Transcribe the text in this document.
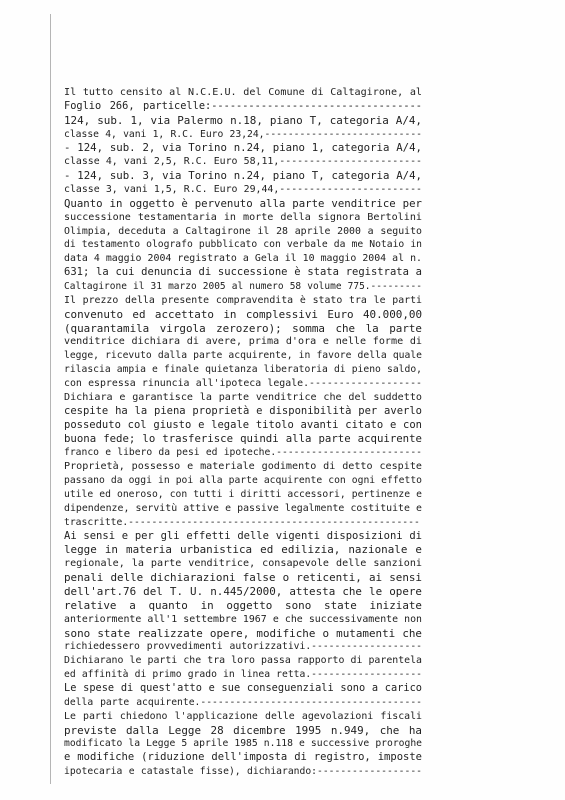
Il tutto censito al N.C.E.U. del Comune di Caltagirone, al
Foglio 266, particelle:----------------------------------
124, sub. 1, via Palermo n.18, piano T, categoria A/4,
classe 4, vani 1, R.C. Euro 23,24,---------------------------
- 124, sub. 2, via Torino n.24, piano 1, categoria A/4,
classe 4, vani 2,5, R.C. Euro 58,11,------------------------
- 124, sub. 3, via Torino n.24, piano T, categoria A/4,
classe 3, vani 1,5, R.C. Euro 29,44,------------------------
Quanto in oggetto è pervenuto alla parte venditrice per
successione testamentaria in morte della signora Bertolini
Olimpia, deceduta a Caltagirone il 28 aprile 2000 a seguito
di testamento olografo pubblicato con verbale da me Notaio in
data 4 maggio 2004 registrato a Gela il 10 maggio 2004 al n.
631; la cui denuncia di successione è stata registrata a
Caltagirone il 31 marzo 2005 al numero 58 volume 775.---------
Il prezzo della presente compravendita è stato tra le parti
convenuto ed accettato in complessivi Euro 40.000,00
(quarantamila virgola zerozero); somma che la parte
venditrice dichiara di avere, prima d'ora e nelle forme di
legge, ricevuto dalla parte acquirente, in favore della quale
rilascia ampia e finale quietanza liberatoria di pieno saldo,
con espressa rinuncia all'ipoteca legale.-------------------
Dichiara e garantisce la parte venditrice che del suddetto
cespite ha la piena proprietà e disponibilità per averlo
posseduto col giusto e legale titolo avanti citato e con
buona fede; lo trasferisce quindi alla parte acquirente
franco e libero da pesi ed ipoteche.-------------------------
Proprietà, possesso e materiale godimento di detto cespite
passano da oggi in poi alla parte acquirente con ogni effetto
utile ed oneroso, con tutti i diritti accessori, pertinenze e
dipendenze, servitù attive e passive legalmente costituite e
trascritte.--------------------------------------------------
Ai sensi e per gli effetti delle vigenti disposizioni di
legge in materia urbanistica ed edilizia, nazionale e
regionale, la parte venditrice, consapevole delle sanzioni
penali delle dichiarazioni false o reticenti, ai sensi
dell'art.76 del T. U. n.445/2000, attesta che le opere
relative a quanto in oggetto sono state iniziate
anteriormente all'1 settembre 1967 e che successivamente non
sono state realizzate opere, modifiche o mutamenti che
richiedessero provvedimenti autorizzativi.-------------------
Dichiarano le parti che tra loro passa rapporto di parentela
ed affinità di primo grado in linea retta.-------------------
Le spese di quest'atto e sue conseguenziali sono a carico
della parte acquirente.--------------------------------------
Le parti chiedono l'applicazione delle agevolazioni fiscali
previste dalla Legge 28 dicembre 1995 n.949, che ha
modificato la Legge 5 aprile 1985 n.118 e successive proroghe
e modifiche (riduzione dell'imposta di registro, imposte
ipotecaria e catastale fisse), dichiarando:------------------
